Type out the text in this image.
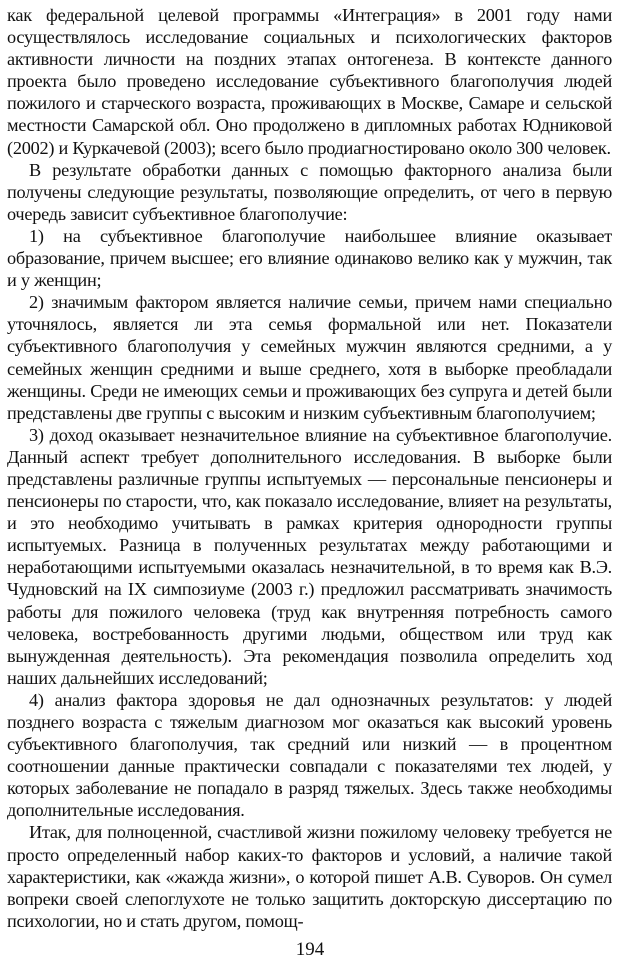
как федеральной целевой программы «Интеграция» в 2001 году нами осуществлялось исследование социальных и психологических факторов активности личности на поздних этапах онтогенеза. В контексте данного проекта было проведено исследование субъективного благополучия людей пожилого и старческого возраста, проживающих в Москве, Самаре и сельской местности Самарской обл. Оно продолжено в дипломных работах Юдниковой (2002) и Куркачевой (2003); всего было продиагностировано около 300 человек.

В результате обработки данных с помощью факторного анализа были получены следующие результаты, позволяющие определить, от чего в первую очередь зависит субъективное благополучие:

1) на субъективное благополучие наибольшее влияние оказывает образование, причем высшее; его влияние одинаково велико как у мужчин, так и у женщин;

2) значимым фактором является наличие семьи, причем нами специально уточнялось, является ли эта семья формальной или нет. Показатели субъективного благополучия у семейных мужчин являются средними, а у семейных женщин средними и выше среднего, хотя в выборке преобладали женщины. Среди не имеющих семьи и проживающих без супруга и детей были представлены две группы с высоким и низким субъективным благополучием;

3) доход оказывает незначительное влияние на субъективное благополучие. Данный аспект требует дополнительного исследования. В выборке были представлены различные группы испытуемых — персональные пенсионеры и пенсионеры по старости, что, как показало исследование, влияет на результаты, и это необходимо учитывать в рамках критерия однородности группы испытуемых. Разница в полученных результатах между работающими и неработающими испытуемыми оказалась незначительной, в то время как В.Э. Чудновский на IX симпозиуме (2003 г.) предложил рассматривать значимость работы для пожилого человека (труд как внутренняя потребность самого человека, востребованность другими людьми, обществом или труд как вынужденная деятельность). Эта рекомендация позволила определить ход наших дальнейших исследований;

4) анализ фактора здоровья не дал однозначных результатов: у людей позднего возраста с тяжелым диагнозом мог оказаться как высокий уровень субъективного благополучия, так средний или низкий — в процентном соотношении данные практически совпадали с показателями тех людей, у которых заболевание не попадало в разряд тяжелых. Здесь также необходимы дополнительные исследования.

Итак, для полноценной, счастливой жизни пожилому человеку требуется не просто определенный набор каких-то факторов и условий, а наличие такой характеристики, как «жажда жизни», о которой пишет А.В. Суворов. Он сумел вопреки своей слепоглухоте не только защитить докторскую диссертацию по психологии, но и стать другом, помощ-

194
